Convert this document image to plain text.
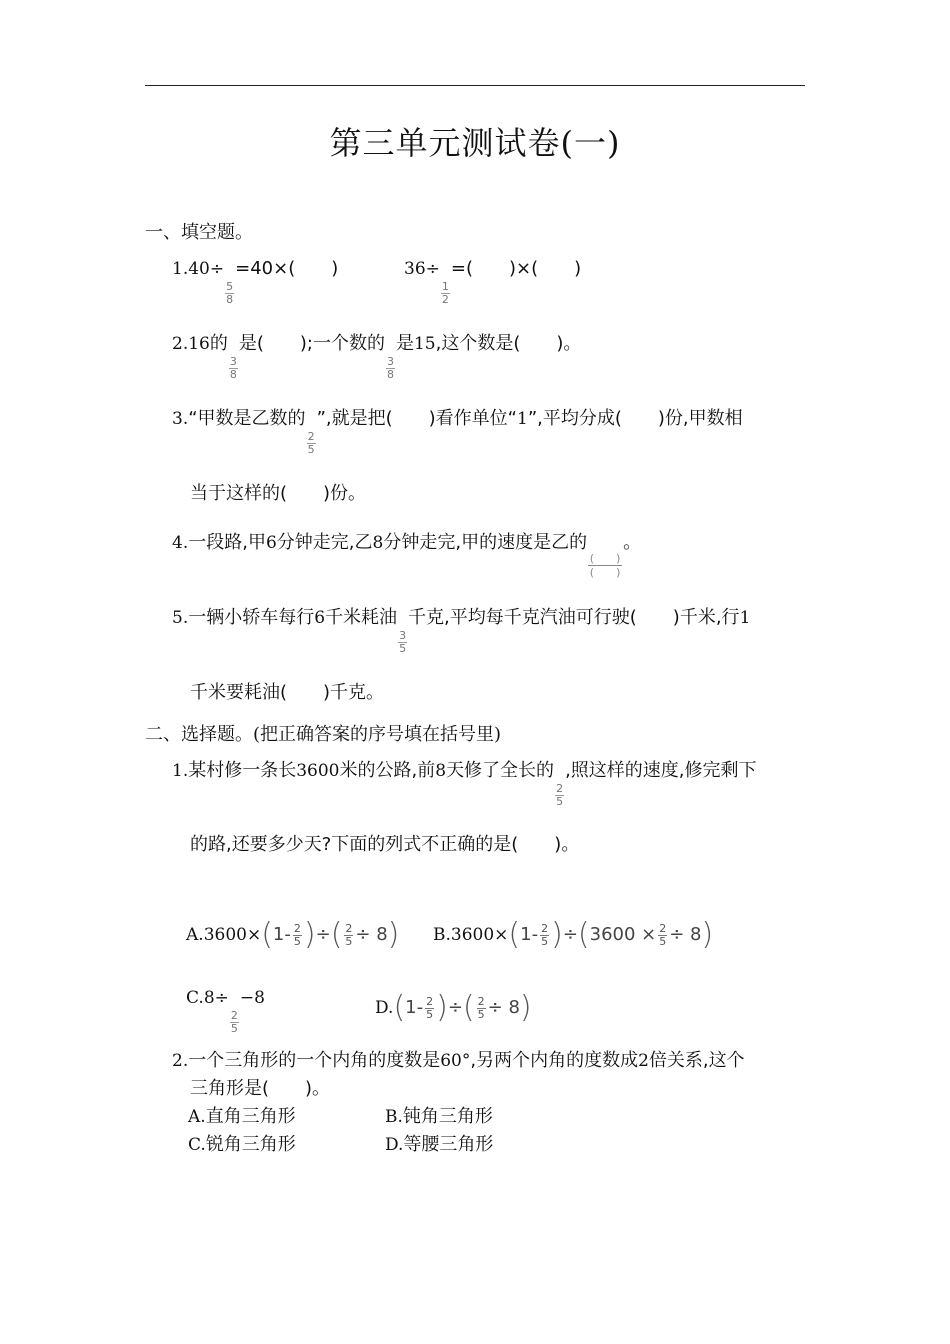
第三单元测试卷(一)
一、填空题。
1.40÷
$\frac{5}{8}$
=40×(　　)	36÷
$\frac{1}{2}$
=(　　)×(　　)
2.16的
$\frac{3}{8}$
是(　　);一个数的
$\frac{3}{8}$
是15,这个数是(　　)。
3.“甲数是乙数的
$\frac{2}{5}$
”,就是把(　　)看作单位“1”,平均分成(　　)份,甲数相
当于这样的(　　)份。
4.一段路,甲6分钟走完,乙8分钟走完,甲的速度是乙的
(　　)
(　　)
。
5.一辆小轿车每行6千米耗油
$\frac{3}{5}$
千克,平均每千克汽油可行驶(　　)千米,行1
千米要耗油(　　)千克。
二、选择题。(把正确答案的序号填在括号里)
1.某村修一条长3600米的公路,前8天修了全长的
$\frac{2}{5}$
,照这样的速度,修完剩下
的路,还要多少天?下面的列式不正确的是(　　)。
A.3600× ( $1- \frac{2}{5}$ ) ÷ ( $\frac{2}{5} \div 8$ ) B.3600× ( $1- \frac{2}{5}$ ) ÷ ( $3600 \times \frac{2}{5} \div 8$ )
C.8÷
$\frac{2}{5}$
−8	D. ( $1- \frac{2}{5}$ ) ÷ ( $\frac{2}{5} \div 8$ )
2.一个三角形的一个内角的度数是60°,另两个内角的度数成2倍关系,这个
三角形是(　　)。
A.直角三角形	B.钝角三角形
C.锐角三角形	D.等腰三角形
